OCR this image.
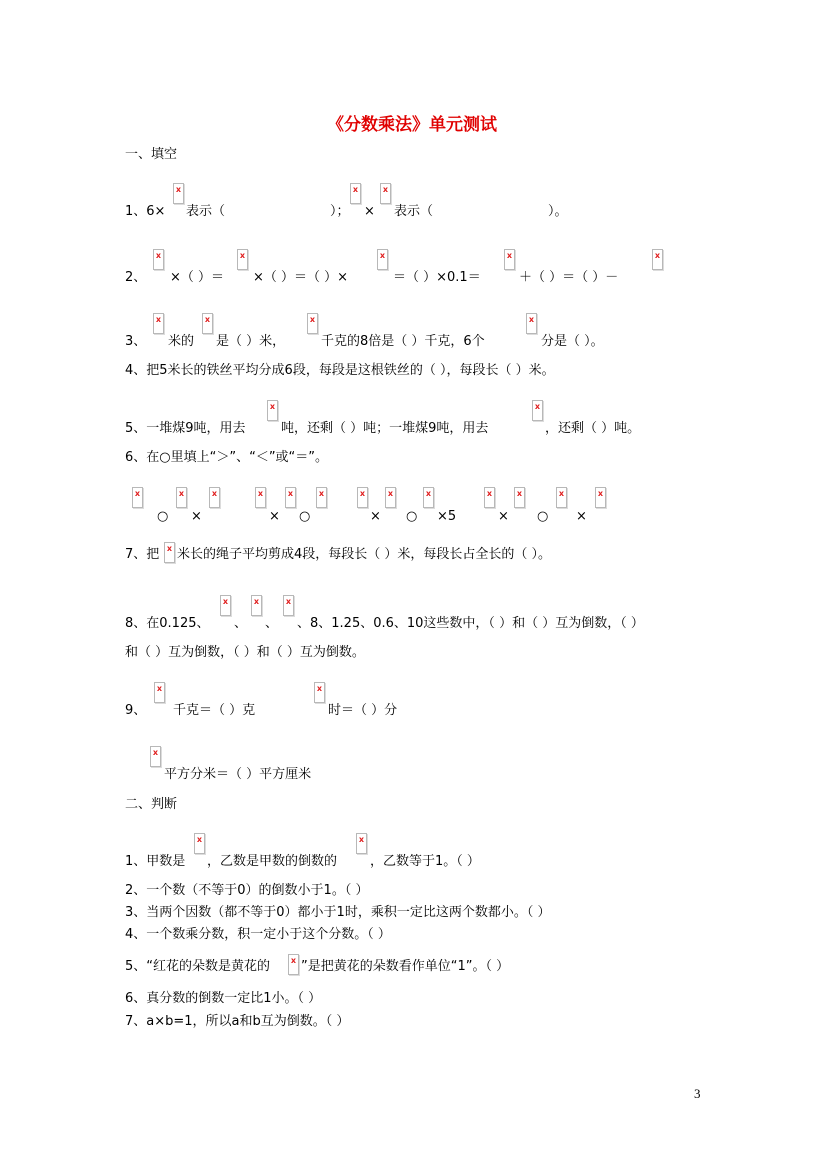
《分数乘法》单元测试
一、填空
1、6×
x 表示（	）；
x ×
x 表示（	）。
2、
x ×（ ）＝
x ×（ ）＝（ ）×
x	＝（ ）×0.1＝
x	＋（ ）＝（ ）－
x
3、
x 米的
x 是（ ）米，
x	千克的8倍是（ ）千克，6个
x	分是（ ）。
4、把5米长的铁丝平均分成6段，每段是这根铁丝的（ ），每段长（ ）米。
5、一堆煤9吨，用去
x	吨，还剩（ ）吨；一堆煤9吨，用去
x	，还剩（ ）吨。
6、在○里填上“＞”、“＜”或“＝”。
x
○
x ×
x
x	×
x ○
x
x	×
x ○
x ×5
x	×
x ○
x ×
x
7、把 x 米长的绳子平均剪成4段，每段长（ ）米，每段长占全长的（ ）。
8、在0.125、
x 、
x 、
x 、8、1.25、0.6、10这些数中，（ ）和（ ）互为倒数，（ ）
和（ ）互为倒数，（ ）和（ ）互为倒数。
9、
x 千克＝（ ）克
x	时＝（ ）分
x
平方分米＝（ ）平方厘米
二、判断
1、甲数是
x ，乙数是甲数的倒数的
x	，乙数等于1。（ ）
2、一个数（不等于0）的倒数小于1。（ ）
3、当两个因数（都不等于0）都小于1时，乘积一定比这两个数都小。（ ）
4、一个数乘分数，积一定小于这个分数。（ ）
5、“红花的朵数是黄花的 x ”是把黄花的朵数看作单位“1”。（ ）
6、真分数的倒数一定比1小。（ ）
7、a×b=1，所以a和b互为倒数。（ ）
3
